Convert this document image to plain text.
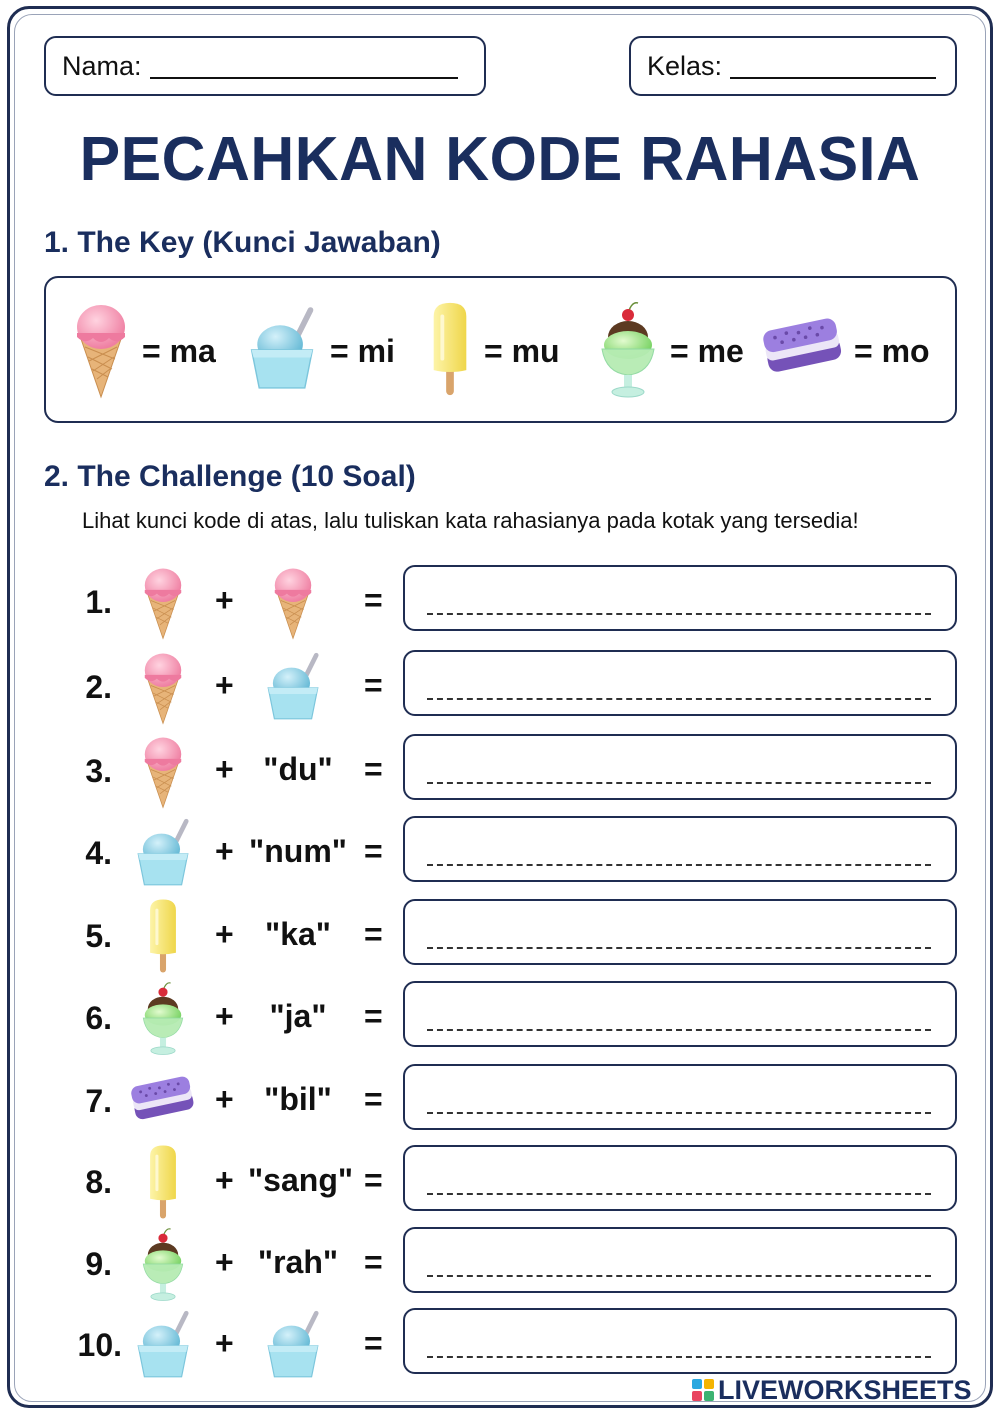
Nama:	Kelas:
PECAHKAN KODE RAHASIA
1. The Key (Kunci Jawaban)
= ma	= mi	= mu	= me	= mo
2. The Challenge (10 Soal)
Lihat kunci kode di atas, lalu tuliskan kata rahasianya pada kotak yang tersedia!
1.	+	=
2.	+	=
3.	+ "du" =
4.	+ "num" =
5.	+ "ka"	=
6.	+	"ja"	=
7.	+ "bil"	=
8.	+ "sang" =
9.	+ "rah" =
10.	+	=
LIVEWORKSHEETS
